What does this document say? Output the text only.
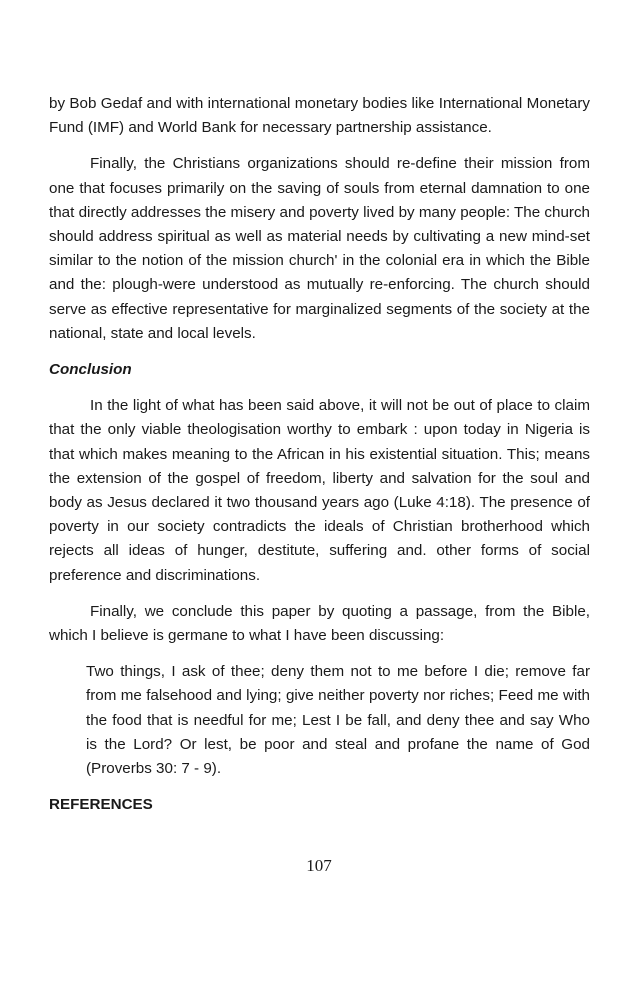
by Bob Gedaf and with international monetary bodies like International Monetary Fund (IMF) and World Bank for necessary partnership assistance.

Finally, the Christians organizations should re-define their mission from one that focuses primarily on the saving of souls from eternal damnation to one that directly addresses the misery and poverty lived by many people: The church should address spiritual as well as material needs by cultivating a new mind-set similar to the notion of the mission church' in the colonial era in which the Bible and the: plough-were understood as mutually re-enforcing. The church should serve as effective representative for marginalized segments of the society at the national, state and local levels.

Conclusion

In the light of what has been said above, it will not be out of place to claim that the only viable theologisation worthy to embark : upon today in Nigeria is that which makes meaning to the African in his existential situation. This; means the extension of the gospel of freedom, liberty and salvation for the soul and body as Jesus declared it two thousand years ago (Luke 4:18). The presence of poverty in our society contradicts the ideals of Christian brotherhood which rejects all ideas of hunger, destitute, suffering and. other forms of social preference and discriminations.

Finally, we conclude this paper by quoting a passage, from the Bible, which I believe is germane to what I have been discussing:

Two things, I ask of thee; deny them not to me before I die; remove far from me falsehood and lying; give neither poverty nor riches; Feed me with the food that is needful for me; Lest I be fall, and deny thee and say Who is the Lord? Or lest, be poor and steal and profane the name of God (Proverbs 30: 7 - 9).

REFERENCES

107
